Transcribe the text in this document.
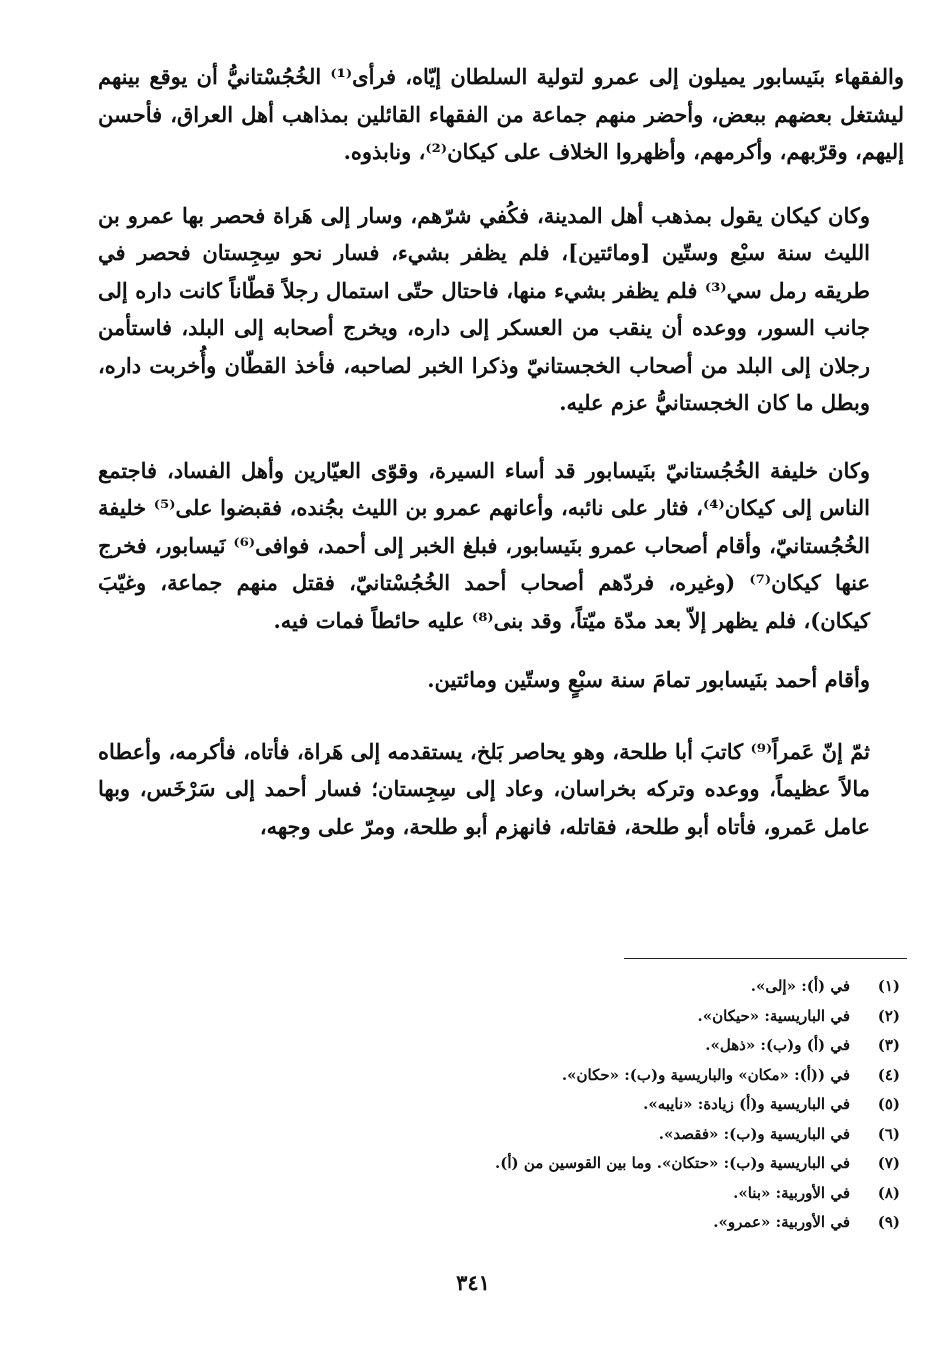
والفقهاء بنَيسابور يميلون إلى عمرو لتولية السلطان إيّاه، فرأى⁽¹⁾ الخُجُسْتانيُّ أن يوقع بينهم ليشتغل بعضهم ببعض، وأحضر منهم جماعة من الفقهاء القائلين بمذاهب أهل العراق، فأحسن إليهم، وقرّبهم، وأكرمهم، وأظهروا الخلاف على كيكان⁽²⁾، ونابذوه.

وكان كيكان يقول بمذهب أهل المدينة، فكُفي شرّهم، وسار إلى هَراة فحصر بها عمرو بن الليث سنة سبْع وستّين [ومائتين]، فلم يظفر بشيء، فسار نحو سِجِستان فحصر في طريقه رمل سي⁽³⁾ فلم يظفر بشيء منها، فاحتال حتّى استمال رجلاً قطّاناً كانت داره إلى جانب السور، ووعده أن ينقب من العسكر إلى داره، ويخرج أصحابه إلى البلد، فاستأمن رجلان إلى البلد من أصحاب الخجستانيّ وذكرا الخبر لصاحبه، فأخذ القطّان وأُخربت داره، وبطل ما كان الخجستانيُّ عزم عليه.

وكان خليفة الخُجُستانيّ بنَيسابور قد أساء السيرة، وقوّى العيّارين وأهل الفساد، فاجتمع الناس إلى كيكان⁽⁴⁾، فثار على نائبه، وأعانهم عمرو بن الليث بجُنده، فقبضوا على⁽⁵⁾ خليفة الخُجُستانيّ، وأقام أصحاب عمرو بنَيسابور، فبلغ الخبر إلى أحمد، فوافى⁽⁶⁾ نَيسابور، فخرج عنها كيكان⁽⁷⁾ (وغيره، فردّهم أصحاب أحمد الخُجُسْتانيّ، فقتل منهم جماعة، وغيّبَ كيكان)، فلم يظهر إلاّ بعد مدّة ميّتاً، وقد بنى⁽⁸⁾ عليه حائطاً فمات فيه.

وأقام أحمد بنَيسابور تمامَ سنة سبْعٍ وستّين ومائتين.

ثمّ إنّ عَمراً⁽⁹⁾ كاتبَ أبا طلحة، وهو يحاصر بَلخ، يستقدمه إلى هَراة، فأتاه، فأكرمه، وأعطاه مالاً عظيماً، ووعده وتركه بخراسان، وعاد إلى سِجِستان؛ فسار أحمد إلى سَرْخَس، وبها عامل عَمرو، فأتاه أبو طلحة، فقاتله، فانهزم أبو طلحة، ومرّ على وجهه،

(١)
في (أ): «إلى».
(٢)
في الباريسية: «حيكان».
(٣)
في (أ) و(ب): «ذهل».
(٤)
في ((أ): «مكان» والباريسية و(ب): «حكان».
(٥)
في الباريسية و(أ) زيادة: «نايبه».
(٦)
في الباريسية و(ب): «فقصد».
(٧)
في الباريسية و(ب): «حتكان». وما بين القوسين من (أ).
(٨)
في الأوربية: «بنا».
(٩)
في الأوربية: «عمرو».
٣٤١
